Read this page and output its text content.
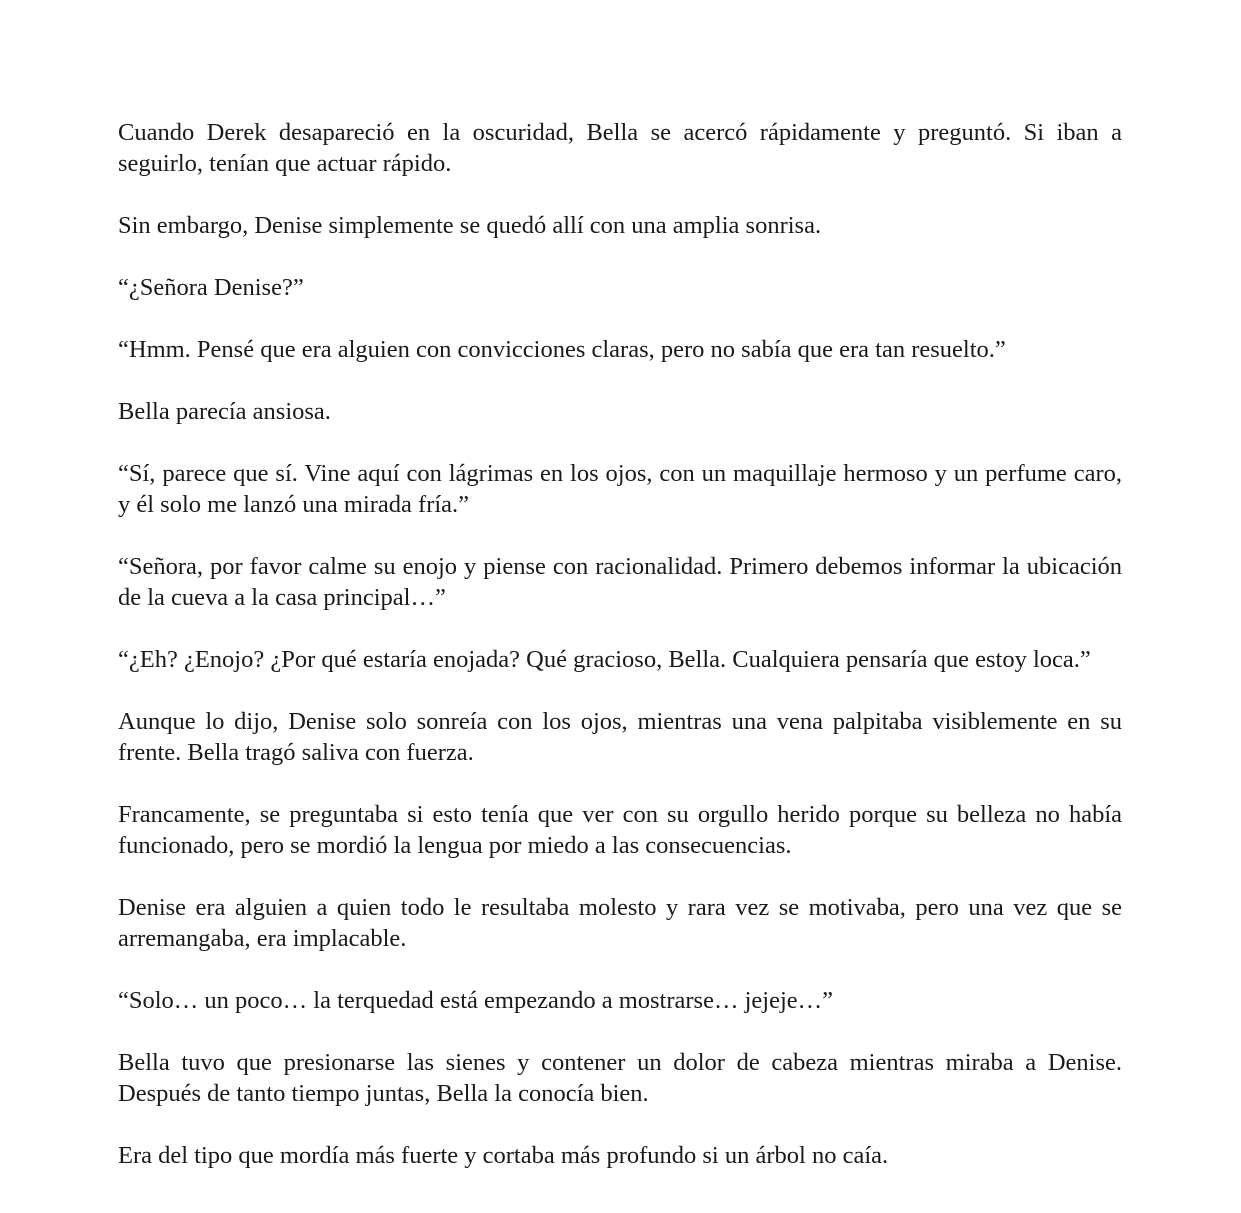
Cuando Derek desapareció en la oscuridad, Bella se acercó rápidamente y preguntó. Si iban a seguirlo, tenían que actuar rápido.

Sin embargo, Denise simplemente se quedó allí con una amplia sonrisa.

“¿Señora Denise?”

“Hmm. Pensé que era alguien con convicciones claras, pero no sabía que era tan resuelto.”

Bella parecía ansiosa.

“Sí, parece que sí. Vine aquí con lágrimas en los ojos, con un maquillaje hermoso y un perfume caro, y él solo me lanzó una mirada fría.”

“Señora, por favor calme su enojo y piense con racionalidad. Primero debemos informar la ubicación de la cueva a la casa principal…”

“¿Eh? ¿Enojo? ¿Por qué estaría enojada? Qué gracioso, Bella. Cualquiera pensaría que estoy loca.”

Aunque lo dijo, Denise solo sonreía con los ojos, mientras una vena palpitaba visiblemente en su frente. Bella tragó saliva con fuerza.

Francamente, se preguntaba si esto tenía que ver con su orgullo herido porque su belleza no había funcionado, pero se mordió la lengua por miedo a las consecuencias.

Denise era alguien a quien todo le resultaba molesto y rara vez se motivaba, pero una vez que se arremangaba, era implacable.

“Solo… un poco… la terquedad está empezando a mostrarse… jejeje…”

Bella tuvo que presionarse las sienes y contener un dolor de cabeza mientras miraba a Denise. Después de tanto tiempo juntas, Bella la conocía bien.

Era del tipo que mordía más fuerte y cortaba más profundo si un árbol no caía.
